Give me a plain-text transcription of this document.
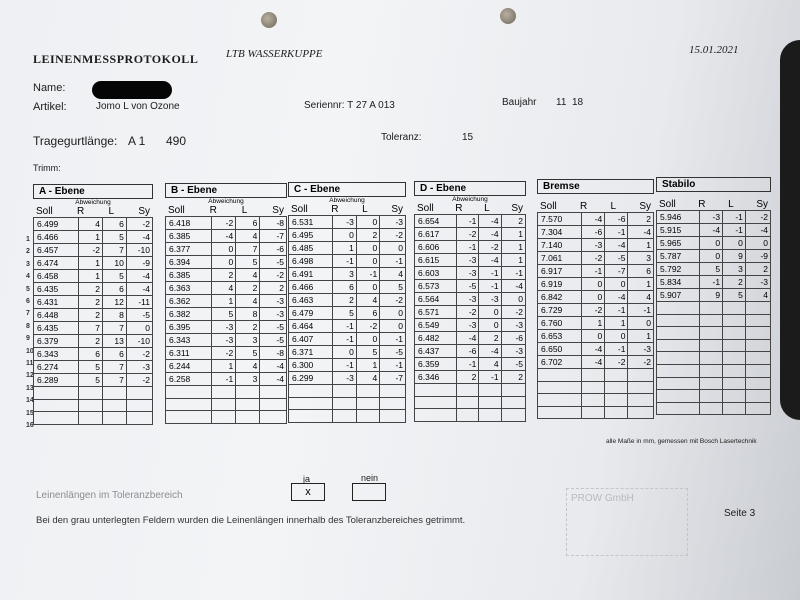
LEINENMESSPROTOKOLL	LTB WASSERKUPPE	15.01.2021
Name:
Artikel:	Jomo L von Ozone	Seriennr: T 27 A 013	Baujahr 11  18
Tragegurtlänge: A 1 490	Toleranz:	15
Trimm:
1
2
3
4
5
6
7
8
9
10
11
12
13
14
15
16
A - Ebene
Abweichung
Soll R L Sy
6.499	4	6	-2
6.466	1	5	-4
6.457	-2	7	-10
6.474	1	10	-9
6.458	1	5	-4
6.435	2	6	-4
6.431	2	12	-11
6.448	2	8	-5
6.435	7	7	0
6.379	2	13	-10
6.343	6	6	-2
6.274	5	7	-3
6.289	5	7	-2

B - Ebene
Abweichung
Soll R L Sy
6.418	-2	6	-8
6.385	-4	4	-7
6.377	0	7	-6
6.394	0	5	-5
6.385	2	4	-2
6.363	4	2	2
6.362	1	4	-3
6.382	5	8	-3
6.395	-3	2	-5
6.343	-3	3	-5
6.311	-2	5	-8
6.244	1	4	-4
6.258	-1	3	-4

C - Ebene
Abweichung
Soll R L Sy
6.531	-3	0	-3
6.495	0	2	-2
6.485	1	0	0
6.498	-1	0	-1
6.491	3	-1	4
6.466	6	0	5
6.463	2	4	-2
6.479	5	6	0
6.464	-1	-2	0
6.407	-1	0	-1
6.371	0	5	-5
6.300	-1	1	-1
6.299	-3	4	-7

D - Ebene
Abweichung
Soll R L Sy
6.654	-1	-4	2
6.617	-2	-4	1
6.606	-1	-2	1
6.615	-3	-4	1
6.603	-3	-1	-1
6.573	-5	-1	-4
6.564	-3	-3	0
6.571	-2	0	-2
6.549	-3	0	-3
6.482	-4	2	-6
6.437	-6	-4	-3
6.359	-1	4	-5
6.346	2	-1	2

Bremse
Soll R L Sy
7.570	-4	-6	2
7.304	-6	-1	-4
7.140	-3	-4	1
7.061	-2	-5	3
6.917	-1	-7	6
6.919	0	0	1
6.842	0	-4	4
6.729	-2	-1	-1
6.760	1	1	0
6.653	0	0	1
6.650	-4	-1	-3
6.702	-4	-2	-2

Stabilo
Soll R L Sy
5.946	-3	-1	-2
5.915	-4	-1	-4
5.965	0	0	0
5.787	0	9	-9
5.792	5	3	2
5.834	-1	2	-3
5.907	9	5	4

alle Maße in mm, gemessen mit Bosch Lasertechnik
ja	nein
x
Leinenlängen im Toleranzbereich
Bei den grau unterlegten Feldern wurden die Leinenlängen innerhalb des Toleranzbereiches getrimmt.
PROW GmbH
Seite 3
